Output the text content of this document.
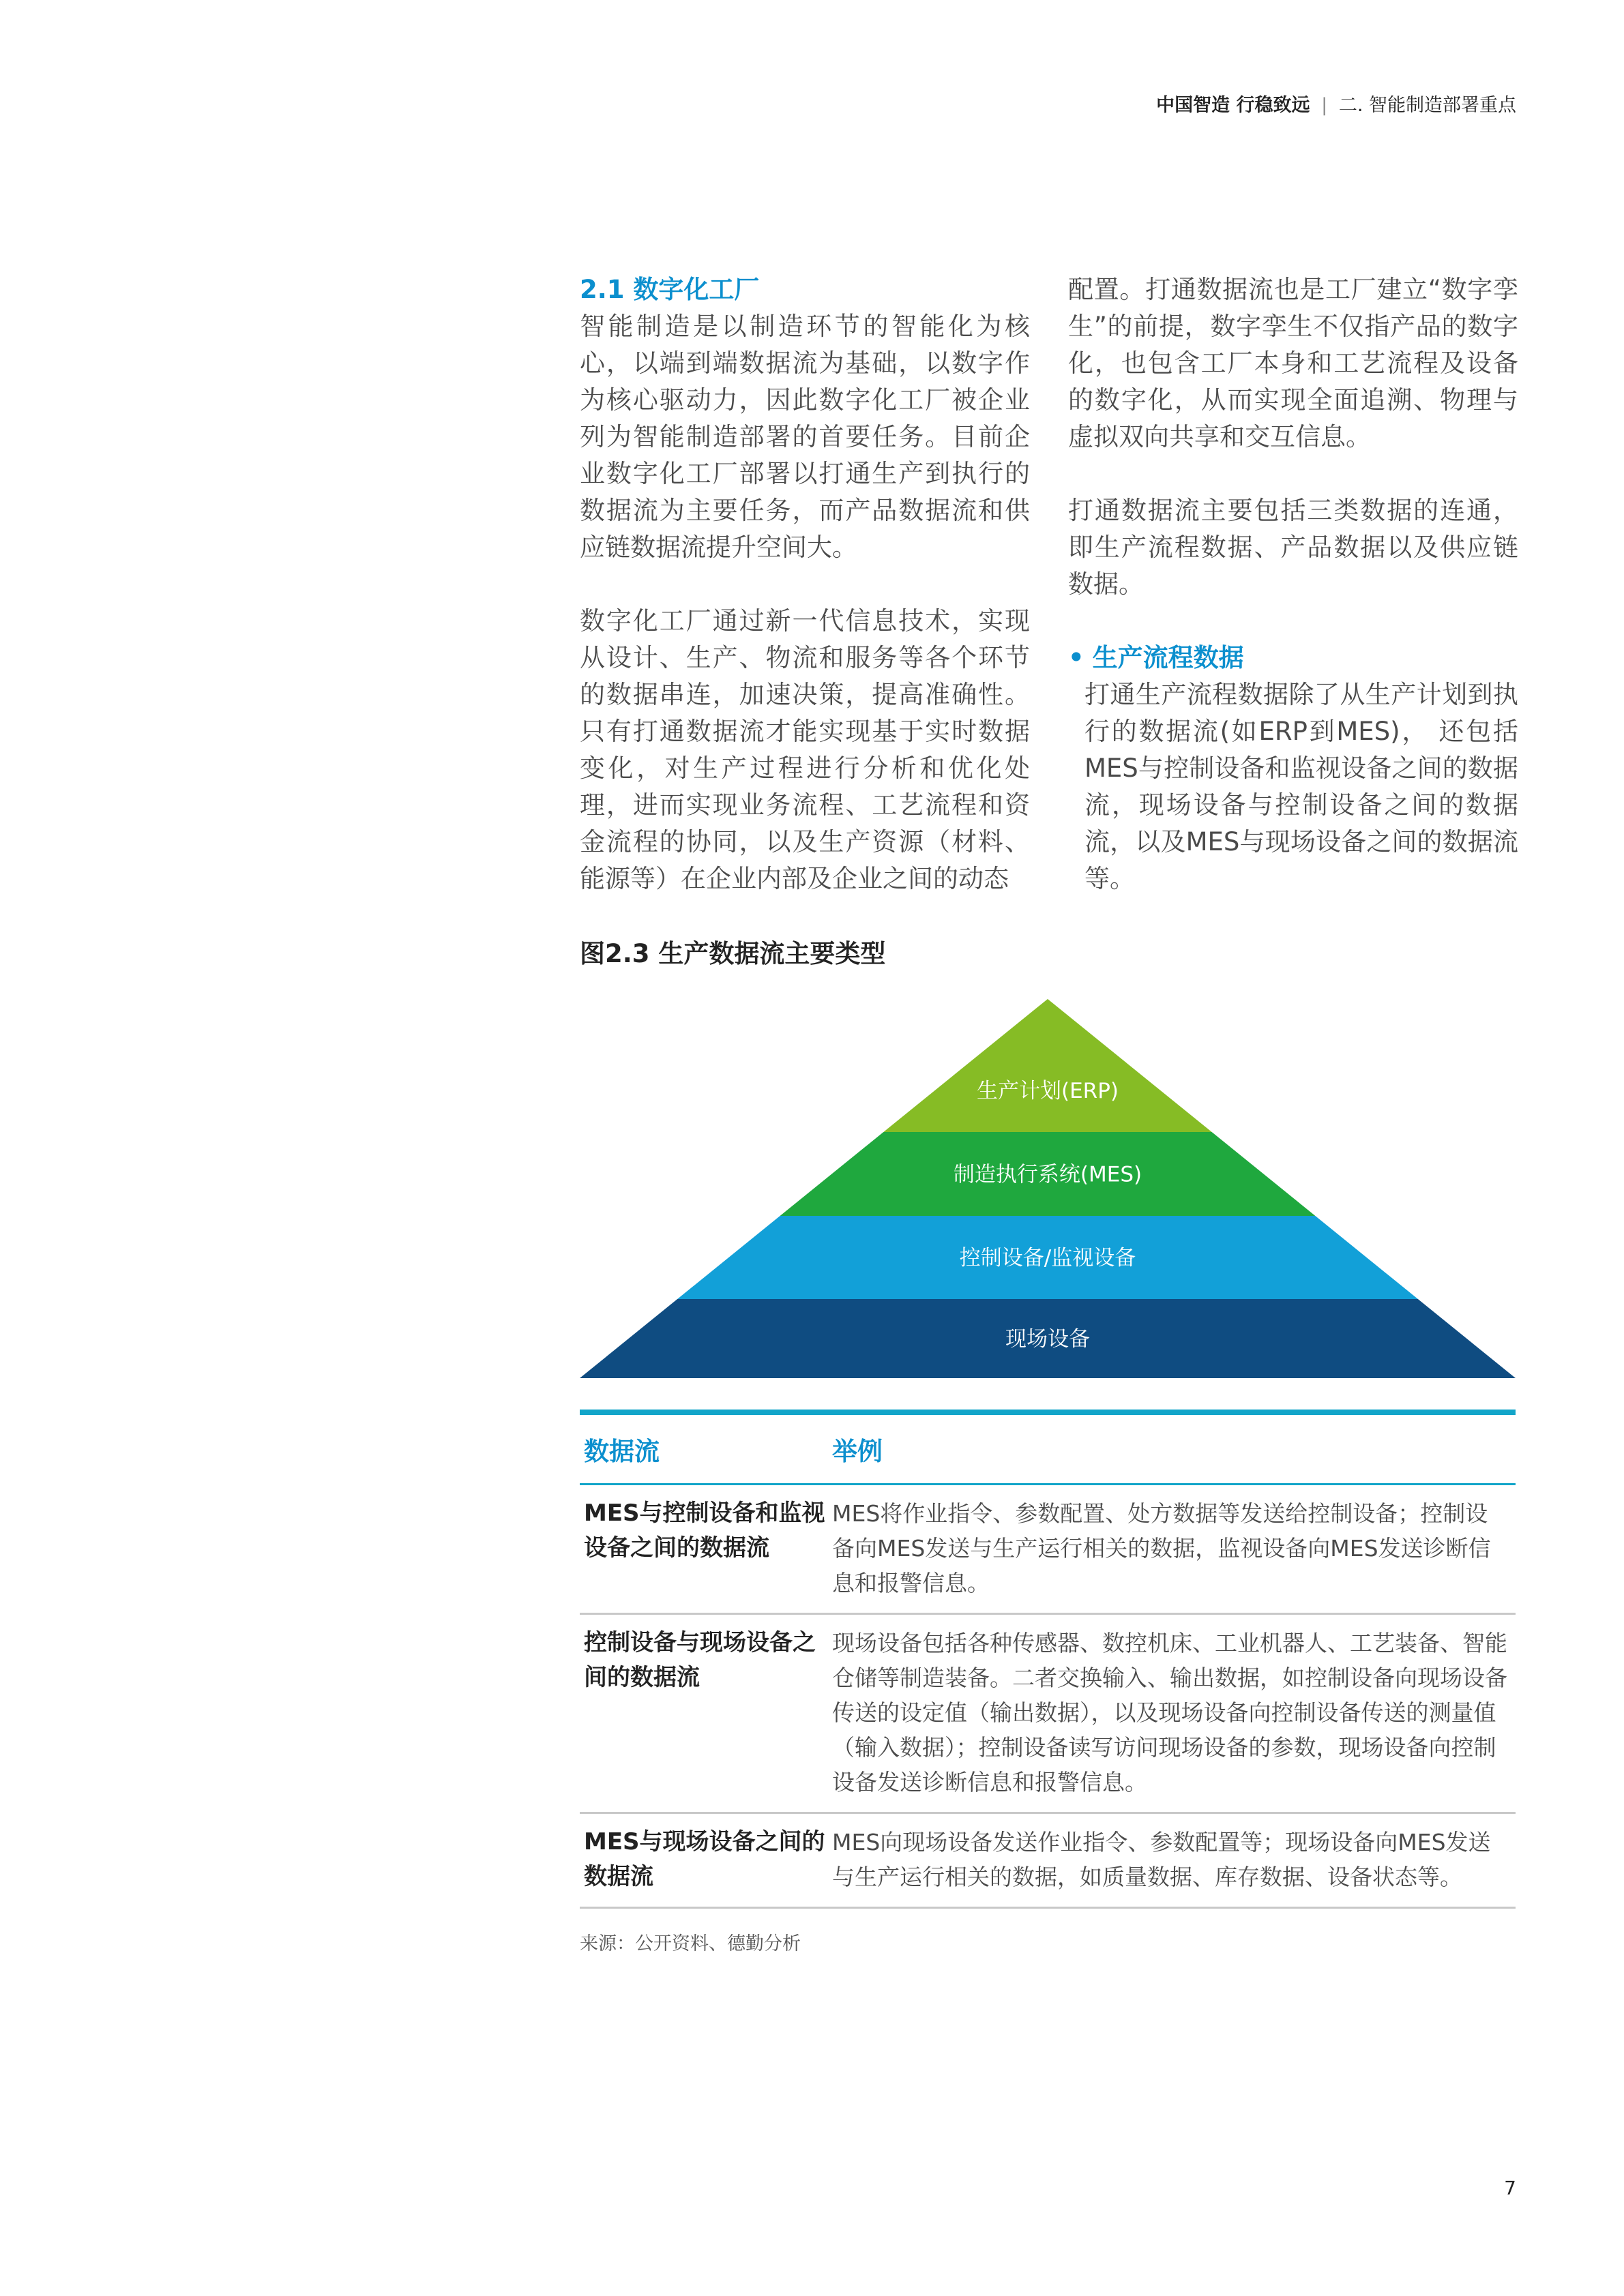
中国智造 行稳致远 | 二. 智能制造部署重点
2.1 数字化工厂

智能制造是以制造环节的智能化为核心，以端到端数据流为基础，以数字作为核心驱动力，因此数字化工厂被企业列为智能制造部署的首要任务。目前企业数字化工厂部署以打通生产到执行的数据流为主要任务，而产品数据流和供应链数据流提升空间大。

数字化工厂通过新一代信息技术，实现从设计、生产、物流和服务等各个环节的数据串连，加速决策，提高准确性。只有打通数据流才能实现基于实时数据变化，对生产过程进行分析和优化处理，进而实现业务流程、工艺流程和资金流程的协同，以及生产资源（材料、能源等）在企业内部及企业之间的动态

配置。打通数据流也是工厂建立“数字孪生”的前提，数字孪生不仅指产品的数字化，也包含工厂本身和工艺流程及设备的数字化，从而实现全面追溯、物理与虚拟双向共享和交互信息。

打通数据流主要包括三类数据的连通，即生产流程数据、产品数据以及供应链数据。

• 生产流程数据

打通生产流程数据除了从生产计划到执行的数据流(如ERP到MES)， 还包括MES与控制设备和监视设备之间的数据流，现场设备与控制设备之间的数据流，以及MES与现场设备之间的数据流等。

图2.3 生产数据流主要类型
生产计划(ERP)
制造执行系统(MES)
控制设备/监视设备
现场设备
数据流	举例
MES与控制设备和监视设备之间的数据流
MES将作业指令、参数配置、处方数据等发送给控制设备；控制设备向MES发送与生产运行相关的数据，监视设备向MES发送诊断信息和报警信息。
控制设备与现场设备之间的数据流
现场设备包括各种传感器、数控机床、工业机器人、工艺装备、智能仓储等制造装备。二者交换输入、输出数据，如控制设备向现场设备传送的设定值（输出数据），以及现场设备向控制设备传送的测量值（输入数据）；控制设备读写访问现场设备的参数，现场设备向控制设备发送诊断信息和报警信息。
MES与现场设备之间的数据流
MES向现场设备发送作业指令、参数配置等；现场设备向MES发送与生产运行相关的数据，如质量数据、库存数据、设备状态等。
来源：公开资料、德勤分析
7
